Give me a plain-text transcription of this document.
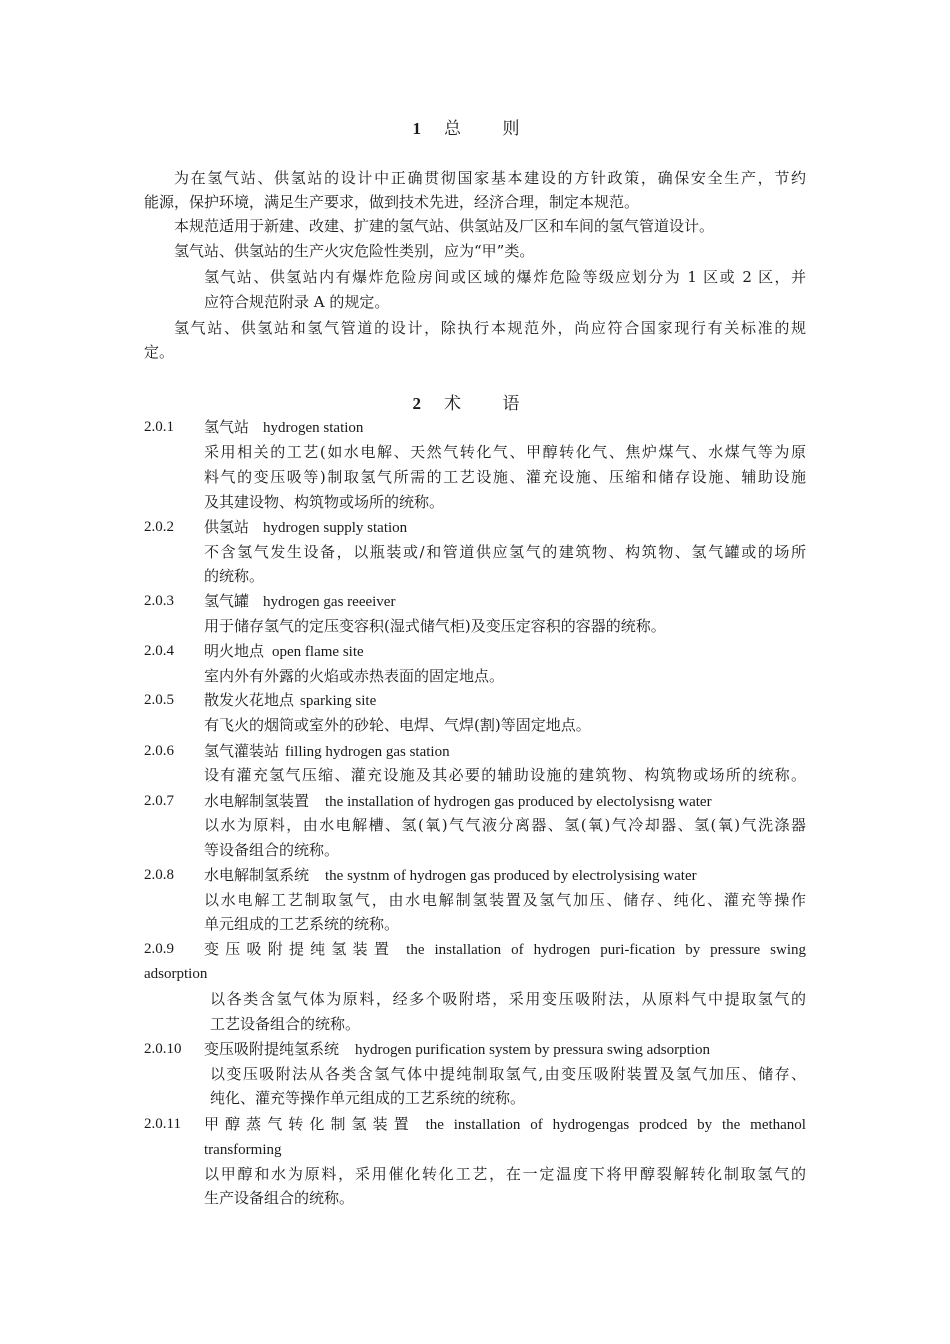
1 总 则
为在氢气站、供氢站的设计中正确贯彻国家基本建设的方针政策，确保安全生产，节约
能源，保护环境，满足生产要求，做到技术先进，经济合理，制定本规范。
本规范适用于新建、改建、扩建的氢气站、供氢站及厂区和车间的氢气管道设计。
氢气站、供氢站的生产火灾危险性类别，应为“甲”类。
氢气站、供氢站内有爆炸危险房间或区域的爆炸危险等级应划分为 1 区或 2 区，并
应符合规范附录 A 的规定。
氢气站、供氢站和氢气管道的设计，除执行本规范外，尚应符合国家现行有关标准的规
定。
2 术 语
2.0.1 氢气站 hydrogen station
采用相关的工艺(如水电解、天然气转化气、甲醇转化气、焦炉煤气、水煤气等为原
料气的变压吸等)制取氢气所需的工艺设施、灌充设施、压缩和储存设施、辅助设施
及其建设物、构筑物或场所的统称。
2.0.2 供氢站 hydrogen supply station
不含氢气发生设备，以瓶装或/和管道供应氢气的建筑物、构筑物、氢气罐或的场所
的统称。
2.0.3 氢气罐 hydrogen gas reeeiver
用于储存氢气的定压变容积(湿式储气柜)及变压定容积的容器的统称。
2.0.4 明火地点 open flame site
室内外有外露的火焰或赤热表面的固定地点。
2.0.5 散发火花地点 sparking site
有飞火的烟筒或室外的砂轮、电焊、气焊(割)等固定地点。
2.0.6 氢气灌装站 filling hydrogen gas station
设有灌充氢气压缩、灌充设施及其必要的辅助设施的建筑物、构筑物或场所的统称。
2.0.7 水电解制氢装置 the installation of hydrogen gas produced by electolysisng water
以水为原料，由水电解槽、氢(氧)气气液分离器、氢(氧)气冷却器、氢(氧)气洗涤器
等设备组合的统称。
2.0.8 水电解制氢系统 the systnm of hydrogen gas produced by electrolysising water
以水电解工艺制取氢气，由水电解制氢装置及氢气加压、储存、纯化、灌充等操作
单元组成的工艺系统的统称。
2.0.9 变压吸附提纯氢装置 the installation of hydrogen puri-fication by pressure swing
adsorption
以各类含氢气体为原料，经多个吸附塔，采用变压吸附法，从原料气中提取氢气的
工艺设备组合的统称。
2.0.10 变压吸附提纯氢系统 hydrogen purification system by pressura swing adsorption
以变压吸附法从各类含氢气体中提纯制取氢气,由变压吸附装置及氢气加压、储存、
纯化、灌充等操作单元组成的工艺系统的统称。
2.0.11 甲醇蒸气转化制氢装置 the installation of hydrogengas prodced by the methanol
transforming
以甲醇和水为原料，采用催化转化工艺，在一定温度下将甲醇裂解转化制取氢气的
生产设备组合的统称。
